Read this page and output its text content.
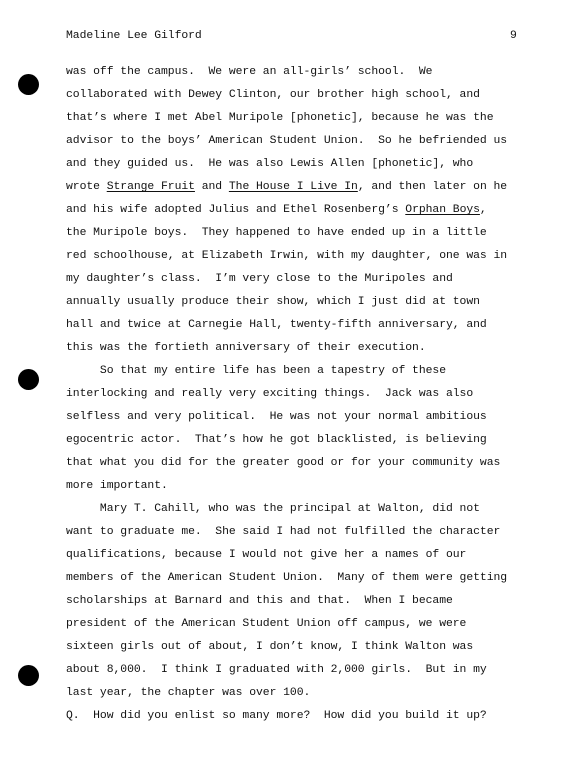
Madeline Lee Gilford	9
was off the campus.  We were an all-girls’ school.  We
collaborated with Dewey Clinton, our brother high school, and
that’s where I met Abel Muripole [phonetic], because he was the
advisor to the boys’ American Student Union.  So he befriended us
and they guided us.  He was also Lewis Allen [phonetic], who
wrote Strange Fruit and The House I Live In, and then later on he
and his wife adopted Julius and Ethel Rosenberg’s Orphan Boys,
the Muripole boys.  They happened to have ended up in a little
red schoolhouse, at Elizabeth Irwin, with my daughter, one was in
my daughter’s class.  I’m very close to the Muripoles and
annually usually produce their show, which I just did at town
hall and twice at Carnegie Hall, twenty-fifth anniversary, and
this was the fortieth anniversary of their execution.
So that my entire life has been a tapestry of these
interlocking and really very exciting things.  Jack was also
selfless and very political.  He was not your normal ambitious
egocentric actor.  That’s how he got blacklisted, is believing
that what you did for the greater good or for your community was
more important.
Mary T. Cahill, who was the principal at Walton, did not
want to graduate me.  She said I had not fulfilled the character
qualifications, because I would not give her a names of our
members of the American Student Union.  Many of them were getting
scholarships at Barnard and this and that.  When I became
president of the American Student Union off campus, we were
sixteen girls out of about, I don’t know, I think Walton was
about 8,000.  I think I graduated with 2,000 girls.  But in my
last year, the chapter was over 100.
Q.  How did you enlist so many more?  How did you build it up?
